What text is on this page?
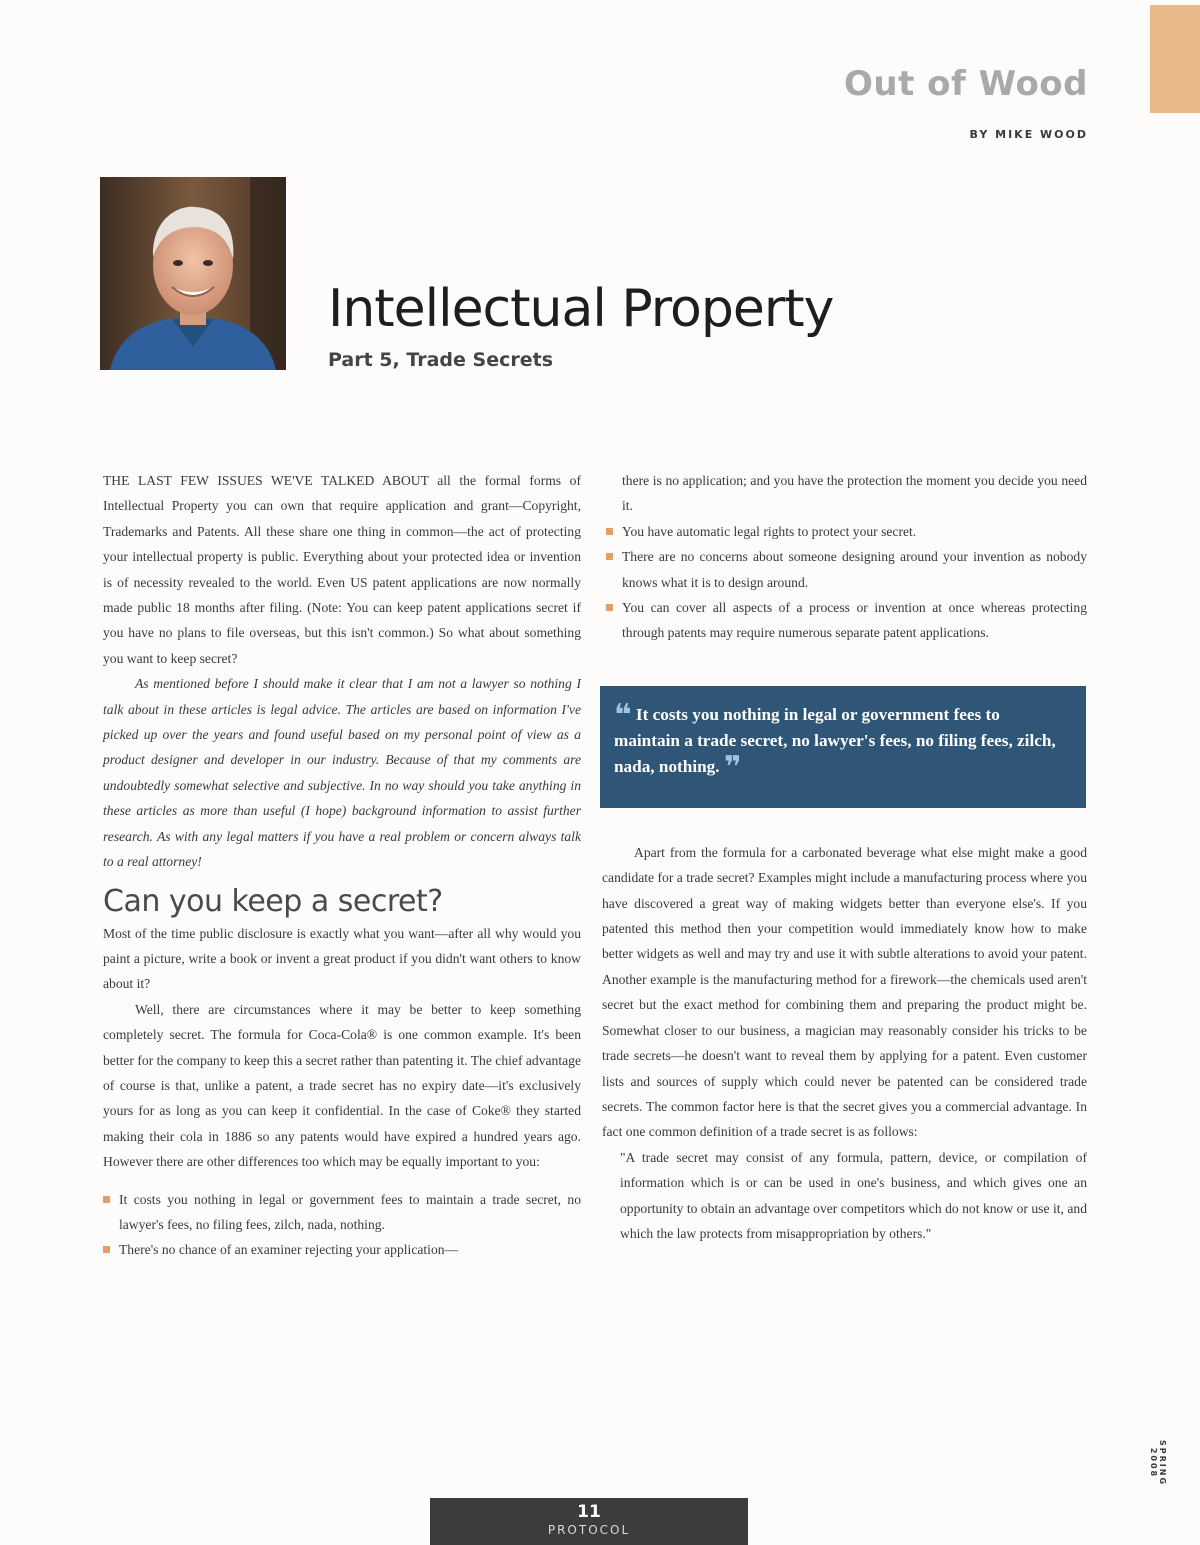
Out of Wood
BY MIKE WOOD
Intellectual Property
Part 5, Trade Secrets

THE LAST FEW ISSUES WE'VE TALKED ABOUT all the formal forms of Intellectual Property you can own that require application and grant—Copyright, Trademarks and Patents. All these share one thing in common—the act of protecting your intellectual property is public. Everything about your protected idea or invention is of necessity revealed to the world. Even US patent applications are now normally made public 18 months after filing. (Note: You can keep patent applications secret if you have no plans to file overseas, but this isn't common.) So what about something you want to keep secret?

As mentioned before I should make it clear that I am not a lawyer so nothing I talk about in these articles is legal advice. The articles are based on information I've picked up over the years and found useful based on my personal point of view as a product designer and developer in our industry. Because of that my comments are undoubtedly somewhat selective and subjective. In no way should you take anything in these articles as more than useful (I hope) background information to assist further research. As with any legal matters if you have a real problem or concern always talk to a real attorney!

Can you keep a secret?

Most of the time public disclosure is exactly what you want—after all why would you paint a picture, write a book or invent a great product if you didn't want others to know about it?

Well, there are circumstances where it may be better to keep something completely secret. The formula for Coca-Cola® is one common example. It's been better for the company to keep this a secret rather than patenting it. The chief advantage of course is that, unlike a patent, a trade secret has no expiry date—it's exclusively yours for as long as you can keep it confidential. In the case of Coke® they started making their cola in 1886 so any patents would have expired a hundred years ago. However there are other differences too which may be equally important to you:

It costs you nothing in legal or government fees to maintain a trade secret, no lawyer's fees, no filing fees, zilch, nada, nothing.
There's no chance of an examiner rejecting your application—
there is no application; and you have the protection the moment you decide you need it.
You have automatic legal rights to protect your secret.
There are no concerns about someone designing around your invention as nobody knows what it is to design around.
You can cover all aspects of a process or invention at once whereas protecting through patents may require numerous separate patent applications.
❝ It costs you nothing in legal or government fees to maintain a trade secret, no lawyer's fees, no filing fees, zilch, nada, nothing. ❞

Apart from the formula for a carbonated beverage what else might make a good candidate for a trade secret? Examples might include a manufacturing process where you have discovered a great way of making widgets better than everyone else's. If you patented this method then your competition would immediately know how to make better widgets as well and may try and use it with subtle alterations to avoid your patent. Another example is the manufacturing method for a firework—the chemicals used aren't secret but the exact method for combining them and preparing the product might be. Somewhat closer to our business, a magician may reasonably consider his tricks to be trade secrets—he doesn't want to reveal them by applying for a patent. Even customer lists and sources of supply which could never be patented can be considered trade secrets. The common factor here is that the secret gives you a commercial advantage. In fact one common definition of a trade secret is as follows:

"A trade secret may consist of any formula, pattern, device, or compilation of information which is or can be used in one's business, and which gives one an opportunity to obtain an advantage over competitors which do not know or use it, and which the law protects from misappropriation by others."

SPRING 2008
11
PROTOCOL
